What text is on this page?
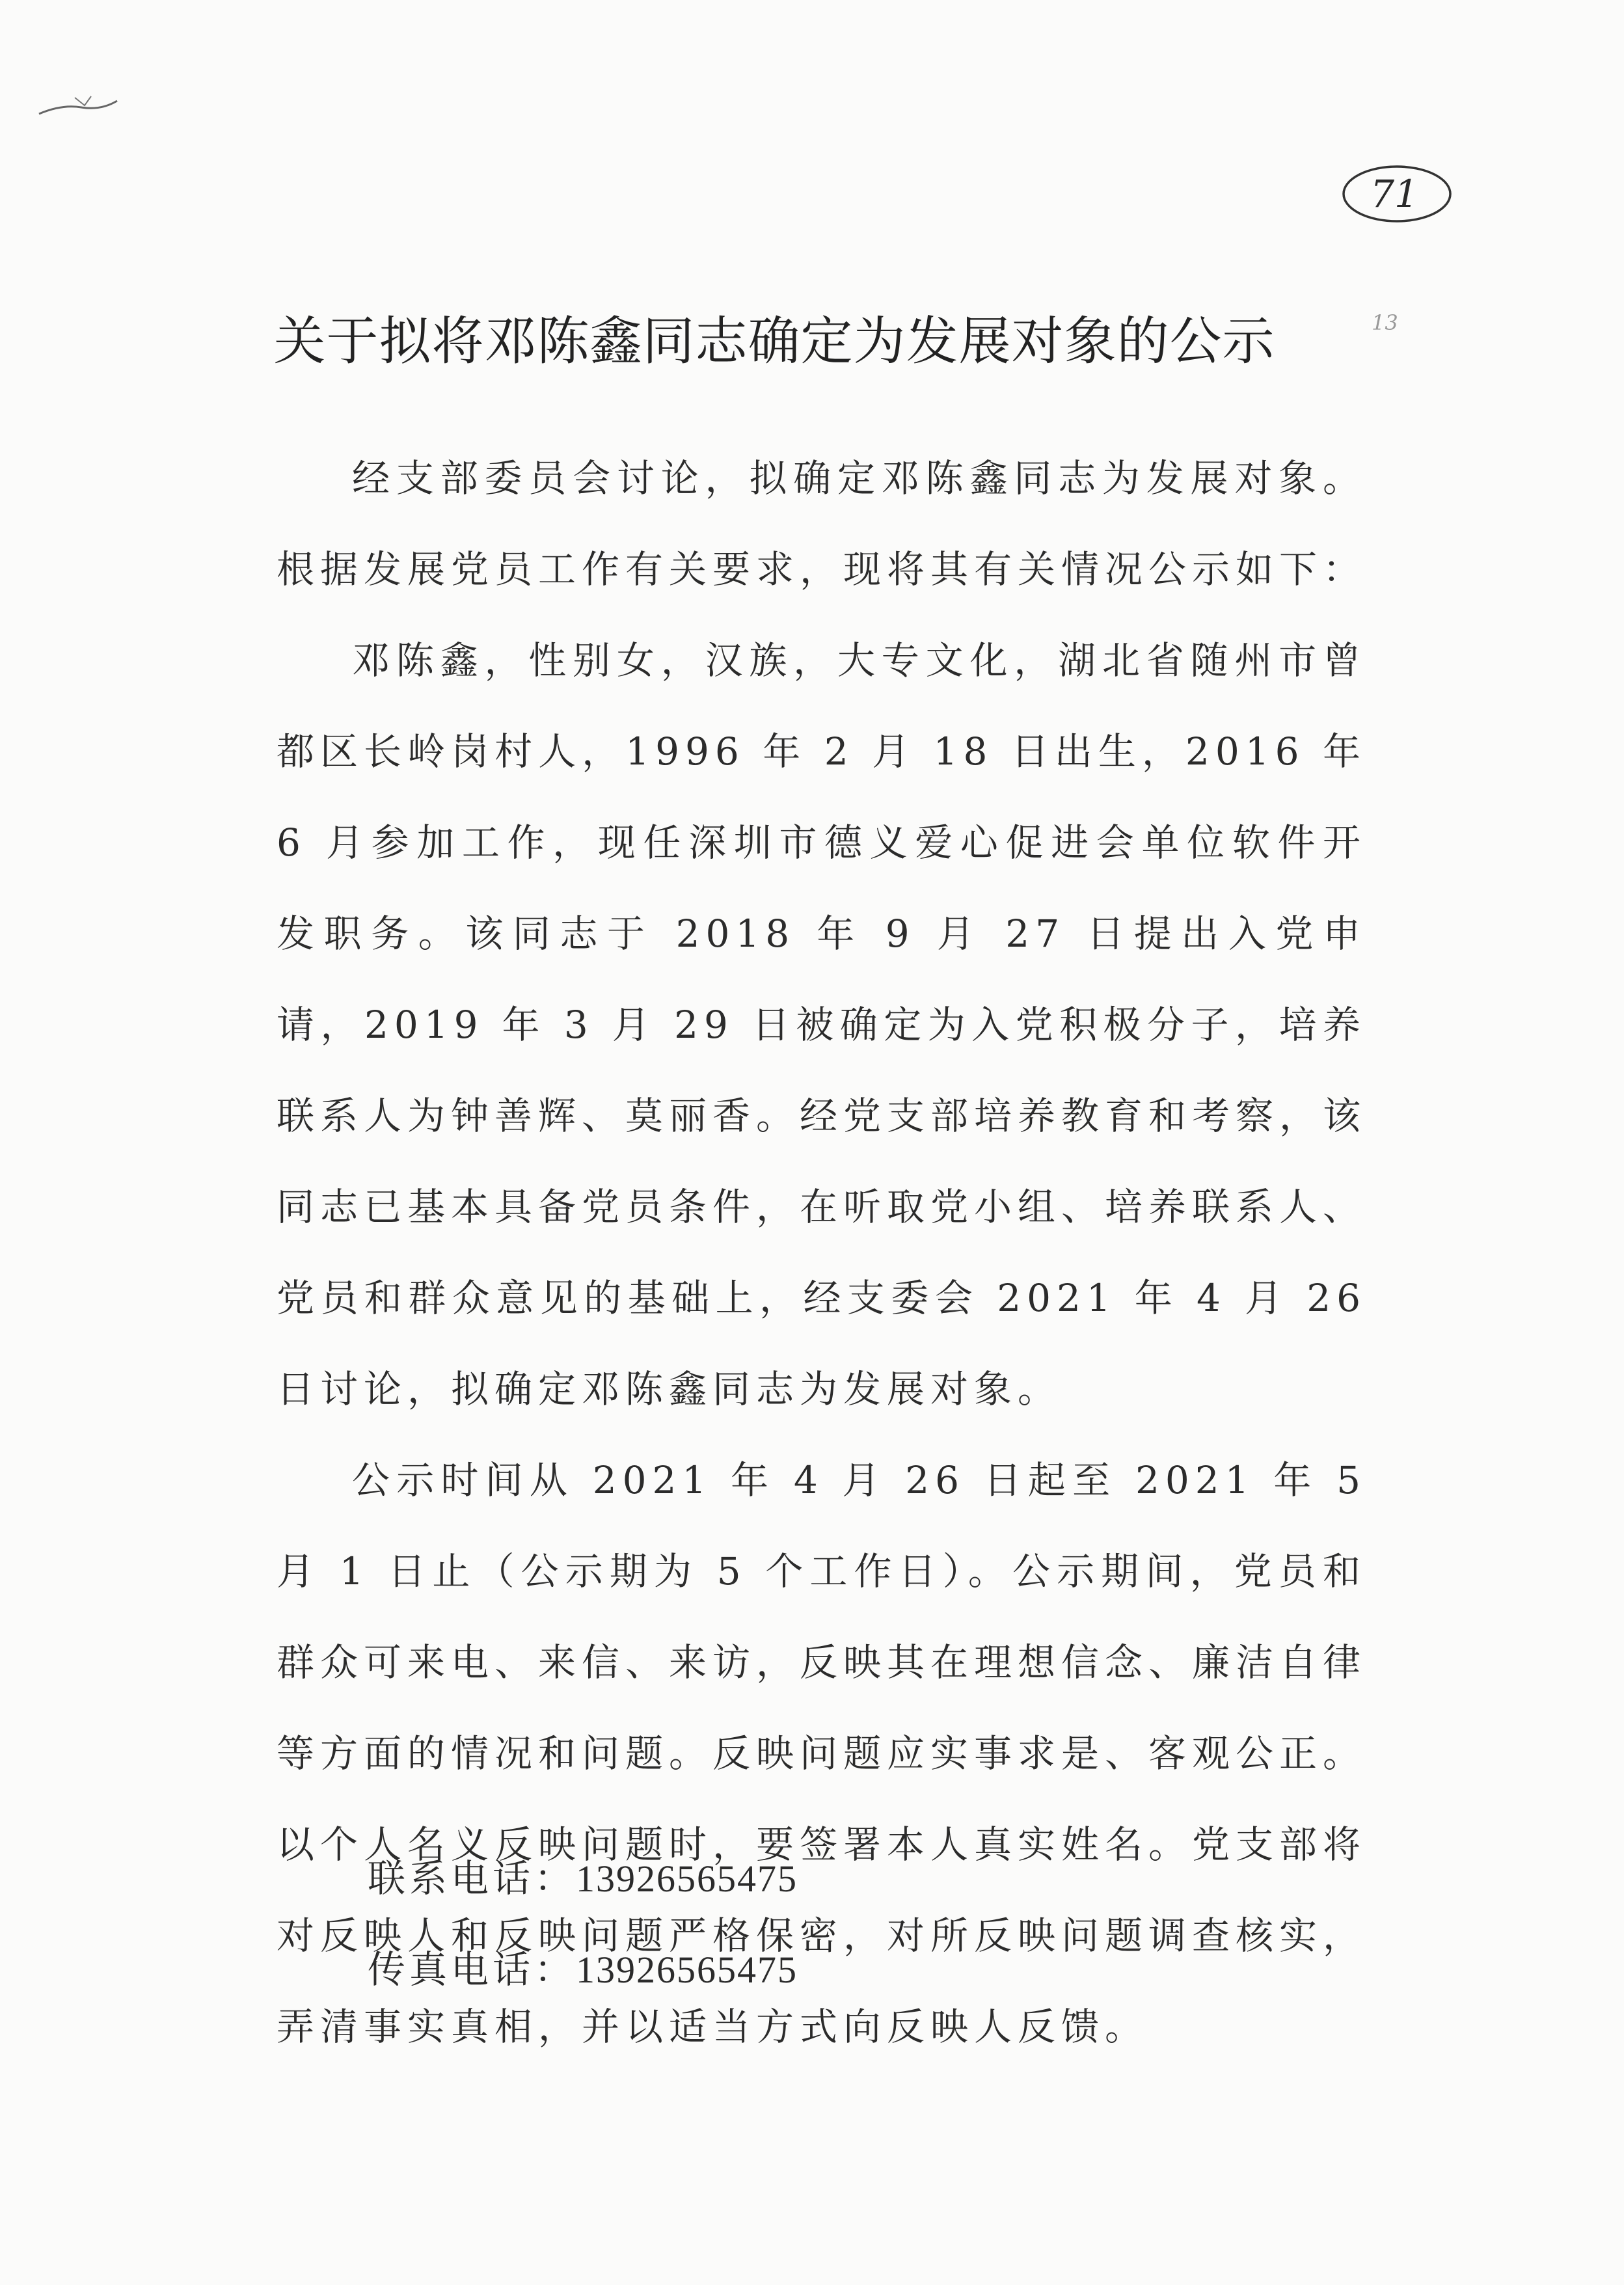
71
13
关于拟将邓陈鑫同志确定为发展对象的公示

经支部委员会讨论，拟确定邓陈鑫同志为发展对象。根据发展党员工作有关要求，现将其有关情况公示如下：

邓陈鑫，性别女，汉族，大专文化，湖北省随州市曾都区长岭岗村人，1996 年 2 月 18 日出生，2016 年 6 月参加工作，现任深圳市德义爱心促进会单位软件开发职务。该同志于 2018 年 9 月 27 日提出入党申请，2019 年 3 月 29 日被确定为入党积极分子，培养联系人为钟善辉、莫丽香。经党支部培养教育和考察，该同志已基本具备党员条件，在听取党小组、培养联系人、党员和群众意见的基础上，经支委会 2021 年 4 月 26 日讨论，拟确定邓陈鑫同志为发展对象。

公示时间从 2021 年 4 月 26 日起至 2021 年 5 月 1 日止（公示期为 5 个工作日）。公示期间，党员和群众可来电、来信、来访，反映其在理想信念、廉洁自律等方面的情况和问题。反映问题应实事求是、客观公正。以个人名义反映问题时，要签署本人真实姓名。党支部将对反映人和反映问题严格保密，对所反映问题调查核实，弄清事实真相，并以适当方式向反映人反馈。

联系电话：13926565475
传真电话：13926565475
